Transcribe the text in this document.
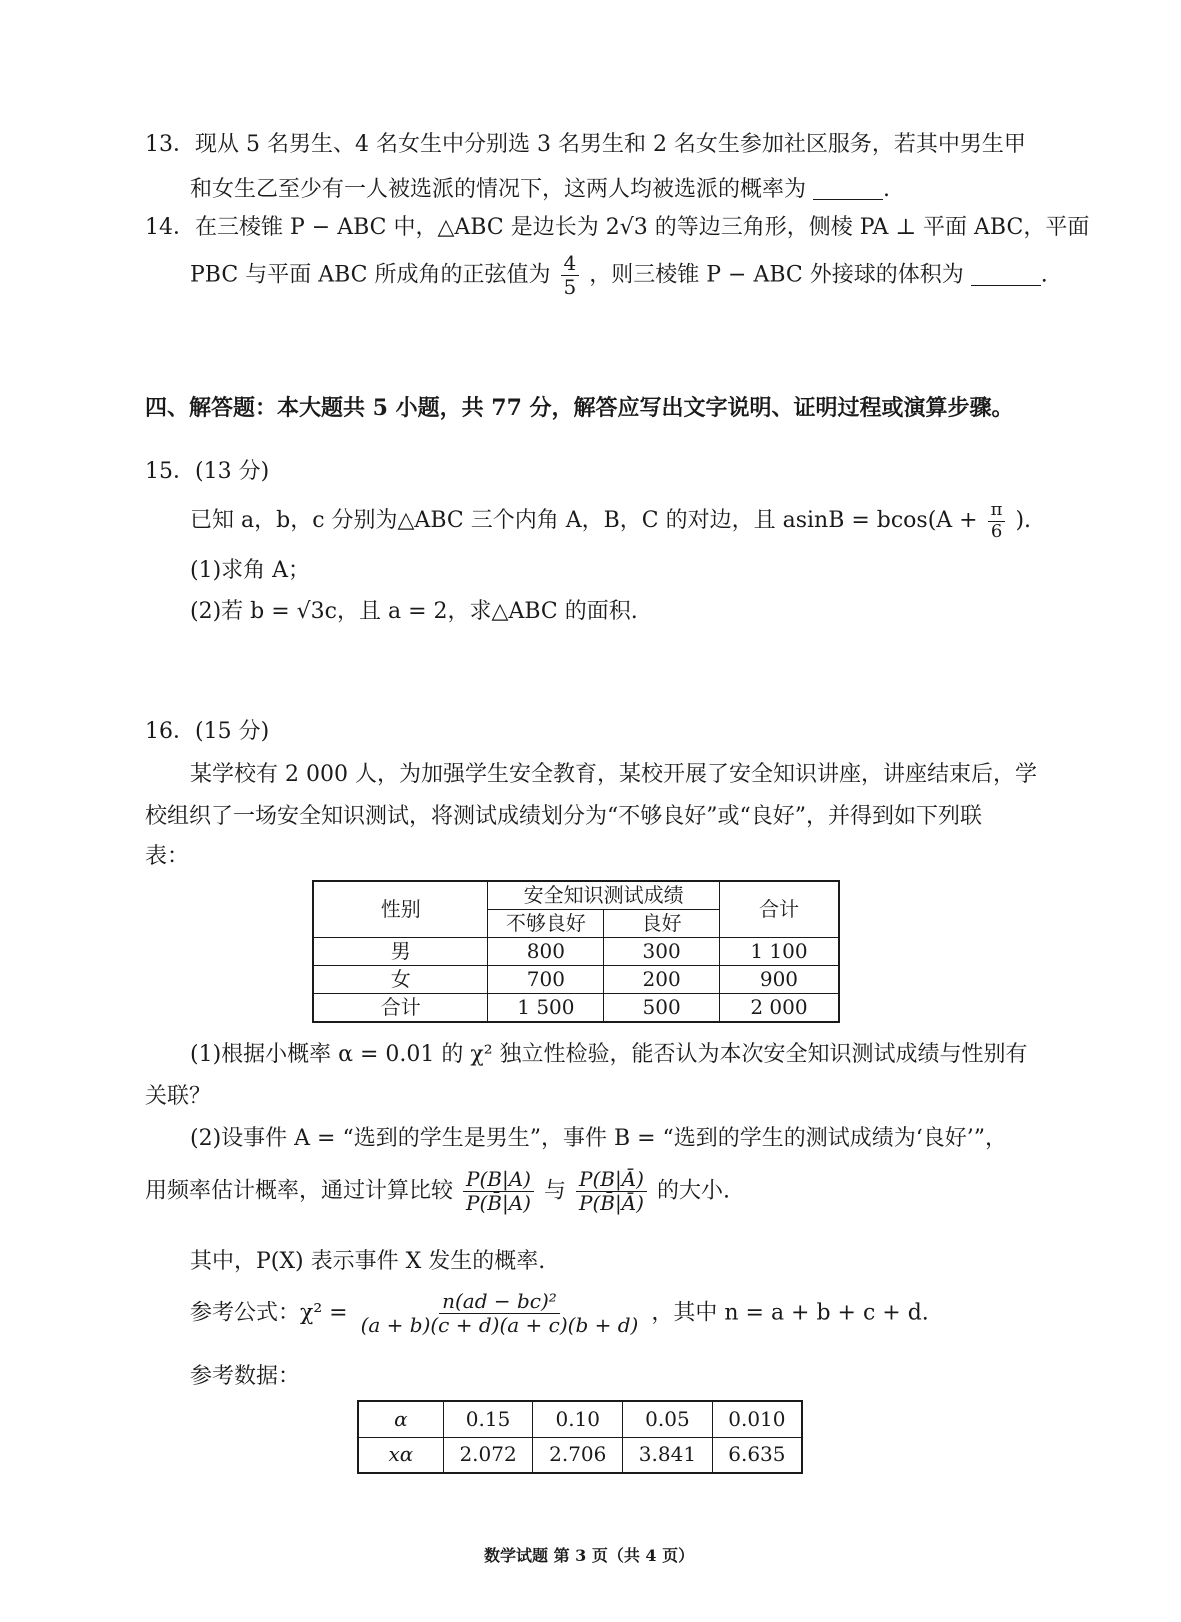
13．现从 5 名男生、4 名女生中分别选 3 名男生和 2 名女生参加社区服务，若其中男生甲
和女生乙至少有一人被选派的情况下，这两人均被选派的概率为	.
14．在三棱锥 P − ABC 中，△ABC 是边长为 2√3 的等边三角形，侧棱 PA ⊥ 平面 ABC，平面
PBC 与平面 ABC 所成角的正弦值为 $\frac{4}{5}$ ，则三棱锥 P − ABC 外接球的体积为	.
四、解答题：本大题共 5 小题，共 77 分，解答应写出文字说明、证明过程或演算步骤。
15．(13 分)
已知 a，b，c 分别为△ABC 三个内角 A，B，C 的对边，且 $asinB = bcos(A + \frac{\pi}{6}$ ).
(1)求角 A；
(2)若 b = √3c，且 a = 2，求△ABC 的面积.
16．(15 分)
某学校有 2 000 人，为加强学生安全教育，某校开展了安全知识讲座，讲座结束后，学
校组织了一场安全知识测试，将测试成绩划分为“不够良好”或“良好”，并得到如下列联
表：
性别	安全知识测试成绩		合计
	不够良好	良好	
男	800	300	1 100
女	700	200	900
合计	1 500	500	2 000
(1)根据小概率 α = 0.01 的 χ² 独立性检验，能否认为本次安全知识测试成绩与性别有
关联？
(2)设事件 A = “选到的学生是男生”，事件 B = “选到的学生的测试成绩为‘良好’”，
用频率估计概率，通过计算比较 $\frac{P(B|A)}{P(B̄|A)}$ 与 $\frac{P(B|Ā)}{P(B̄|Ā)}$ 的大小.
其中，P(X) 表示事件 X 发生的概率.
参考公式：$\chi^2 = \frac{\text{n(ad − bc)²}}{(a + b)(c + d)(a + c)(b + d)}$ ，其中 n = a + b + c + d.
参考数据：
α	0.15	0.10	0.05	0.010
xα	2.072	2.706	3.841	6.635
数学试题 第 3 页（共 4 页）
